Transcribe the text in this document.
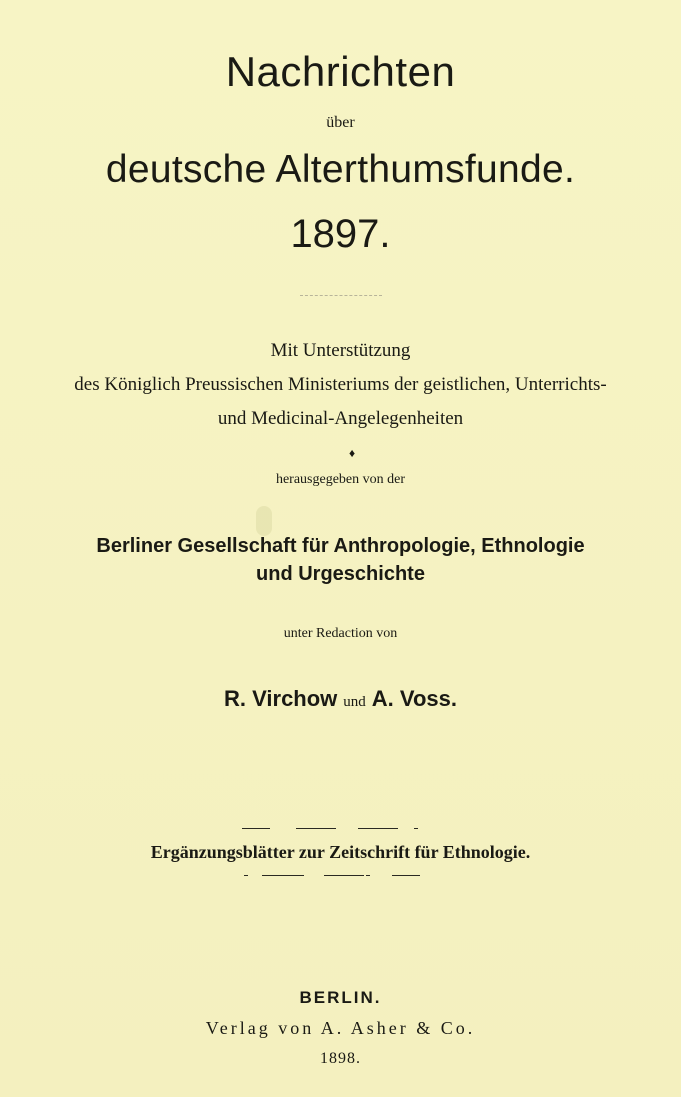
Nachrichten
über
deutsche Alterthumsfunde.
1897.
Mit Unterstützung
des Königlich Preussischen Ministeriums der geistlichen, Unterrichts-
und Medicinal-Angelegenheiten
♦
herausgegeben von der
Berliner Gesellschaft für Anthropologie, Ethnologie
und Urgeschichte
unter Redaction von
R. Virchow und A. Voss.
Ergänzungsblätter zur Zeitschrift für Ethnologie.
BERLIN.
Verlag von A. Asher & Co.
1898.
